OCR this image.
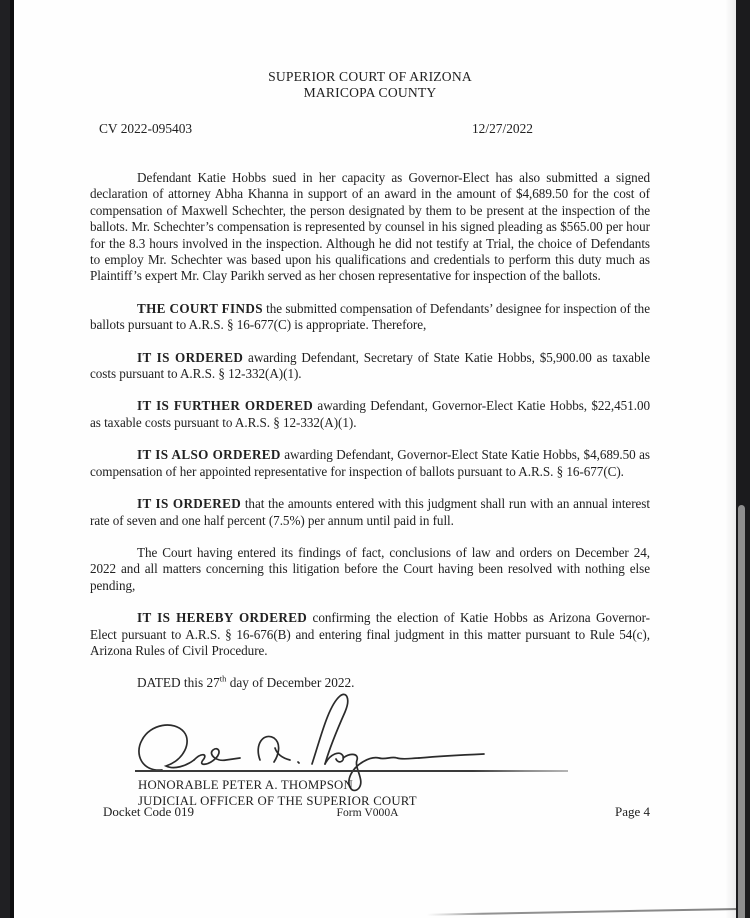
SUPERIOR COURT OF ARIZONA
MARICOPA COUNTY
CV 2022-095403	12/27/2022

Defendant Katie Hobbs sued in her capacity as Governor-Elect has also submitted a signed declaration of attorney Abha Khanna in support of an award in the amount of $4,689.50 for the cost of compensation of Maxwell Schechter, the person designated by them to be present at the inspection of the ballots. Mr. Schechter’s compensation is represented by counsel in his signed pleading as $565.00 per hour for the 8.3 hours involved in the inspection. Although he did not testify at Trial, the choice of Defendants to employ Mr. Schechter was based upon his qualifications and credentials to perform this duty much as Plaintiff’s expert Mr. Clay Parikh served as her chosen representative for inspection of the ballots.

THE COURT FINDS the submitted compensation of Defendants’ designee for inspection of the ballots pursuant to A.R.S. § 16-677(C) is appropriate. Therefore,

IT IS ORDERED awarding Defendant, Secretary of State Katie Hobbs, $5,900.00 as taxable costs pursuant to A.R.S. § 12-332(A)(1).

IT IS FURTHER ORDERED awarding Defendant, Governor-Elect Katie Hobbs, $22,451.00 as taxable costs pursuant to A.R.S. § 12-332(A)(1).

IT IS ALSO ORDERED awarding Defendant, Governor-Elect State Katie Hobbs, $4,689.50 as compensation of her appointed representative for inspection of ballots pursuant to A.R.S. § 16-677(C).

IT IS ORDERED that the amounts entered with this judgment shall run with an annual interest rate of seven and one half percent (7.5%) per annum until paid in full.

The Court having entered its findings of fact, conclusions of law and orders on December 24, 2022 and all matters concerning this litigation before the Court having been resolved with nothing else pending,

IT IS HEREBY ORDERED confirming the election of Katie Hobbs as Arizona Governor-Elect pursuant to A.R.S. § 16-676(B) and entering final judgment in this matter pursuant to Rule 54(c), Arizona Rules of Civil Procedure.

DATED this 27th day of December 2022.

HONORABLE PETER A. THOMPSON
JUDICIAL OFFICER OF THE SUPERIOR COURT
Docket Code 019	Form V000A	Page 4
